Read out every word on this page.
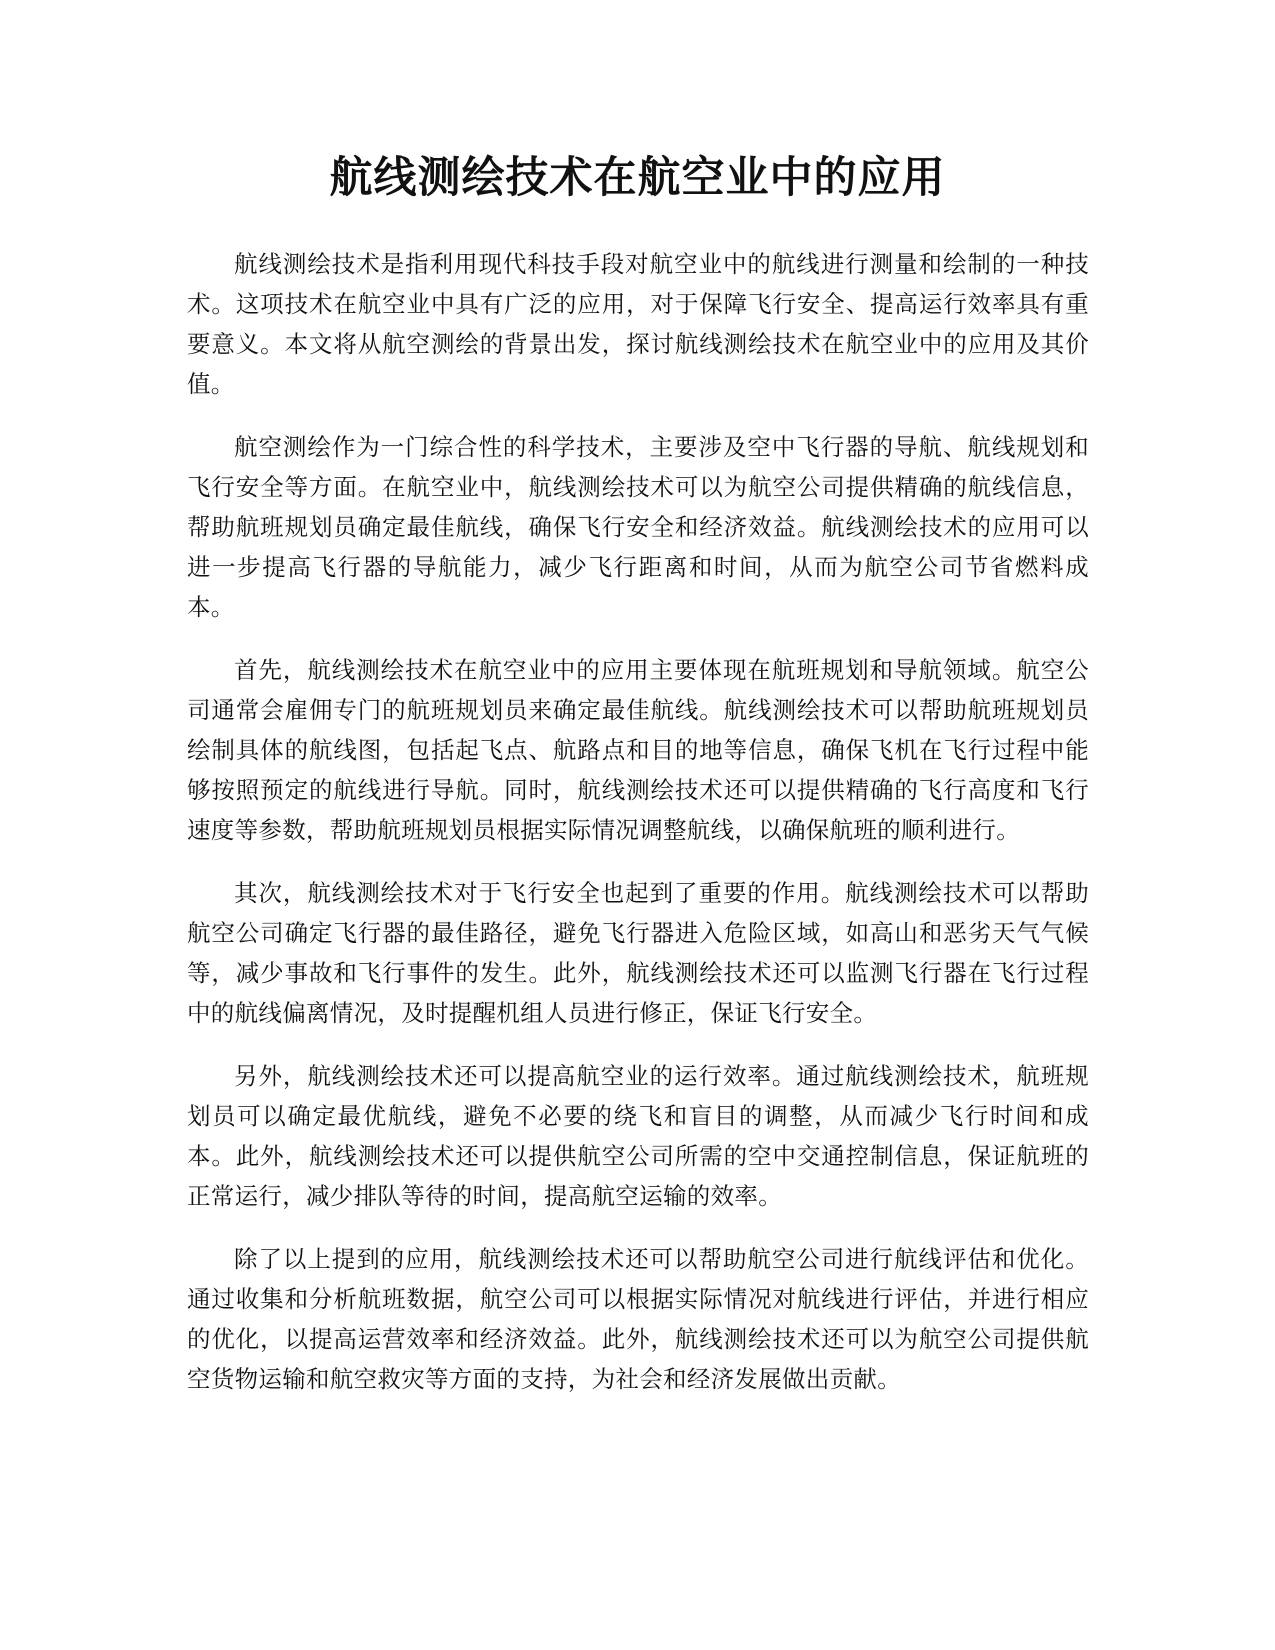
航线测绘技术在航空业中的应用

航线测绘技术是指利用现代科技手段对航空业中的航线进行测量和绘制的一种技术。这项技术在航空业中具有广泛的应用，对于保障飞行安全、提高运行效率具有重要意义。本文将从航空测绘的背景出发，探讨航线测绘技术在航空业中的应用及其价值。

航空测绘作为一门综合性的科学技术，主要涉及空中飞行器的导航、航线规划和飞行安全等方面。在航空业中，航线测绘技术可以为航空公司提供精确的航线信息，帮助航班规划员确定最佳航线，确保飞行安全和经济效益。航线测绘技术的应用可以进一步提高飞行器的导航能力，减少飞行距离和时间，从而为航空公司节省燃料成本。

首先，航线测绘技术在航空业中的应用主要体现在航班规划和导航领域。航空公司通常会雇佣专门的航班规划员来确定最佳航线。航线测绘技术可以帮助航班规划员绘制具体的航线图，包括起飞点、航路点和目的地等信息，确保飞机在飞行过程中能够按照预定的航线进行导航。同时，航线测绘技术还可以提供精确的飞行高度和飞行速度等参数，帮助航班规划员根据实际情况调整航线，以确保航班的顺利进行。

其次，航线测绘技术对于飞行安全也起到了重要的作用。航线测绘技术可以帮助航空公司确定飞行器的最佳路径，避免飞行器进入危险区域，如高山和恶劣天气气候等，减少事故和飞行事件的发生。此外，航线测绘技术还可以监测飞行器在飞行过程中的航线偏离情况，及时提醒机组人员进行修正，保证飞行安全。

另外，航线测绘技术还可以提高航空业的运行效率。通过航线测绘技术，航班规划员可以确定最优航线，避免不必要的绕飞和盲目的调整，从而减少飞行时间和成本。此外，航线测绘技术还可以提供航空公司所需的空中交通控制信息，保证航班的正常运行，减少排队等待的时间，提高航空运输的效率。

除了以上提到的应用，航线测绘技术还可以帮助航空公司进行航线评估和优化。通过收集和分析航班数据，航空公司可以根据实际情况对航线进行评估，并进行相应的优化，以提高运营效率和经济效益。此外，航线测绘技术还可以为航空公司提供航空货物运输和航空救灾等方面的支持，为社会和经济发展做出贡献。
